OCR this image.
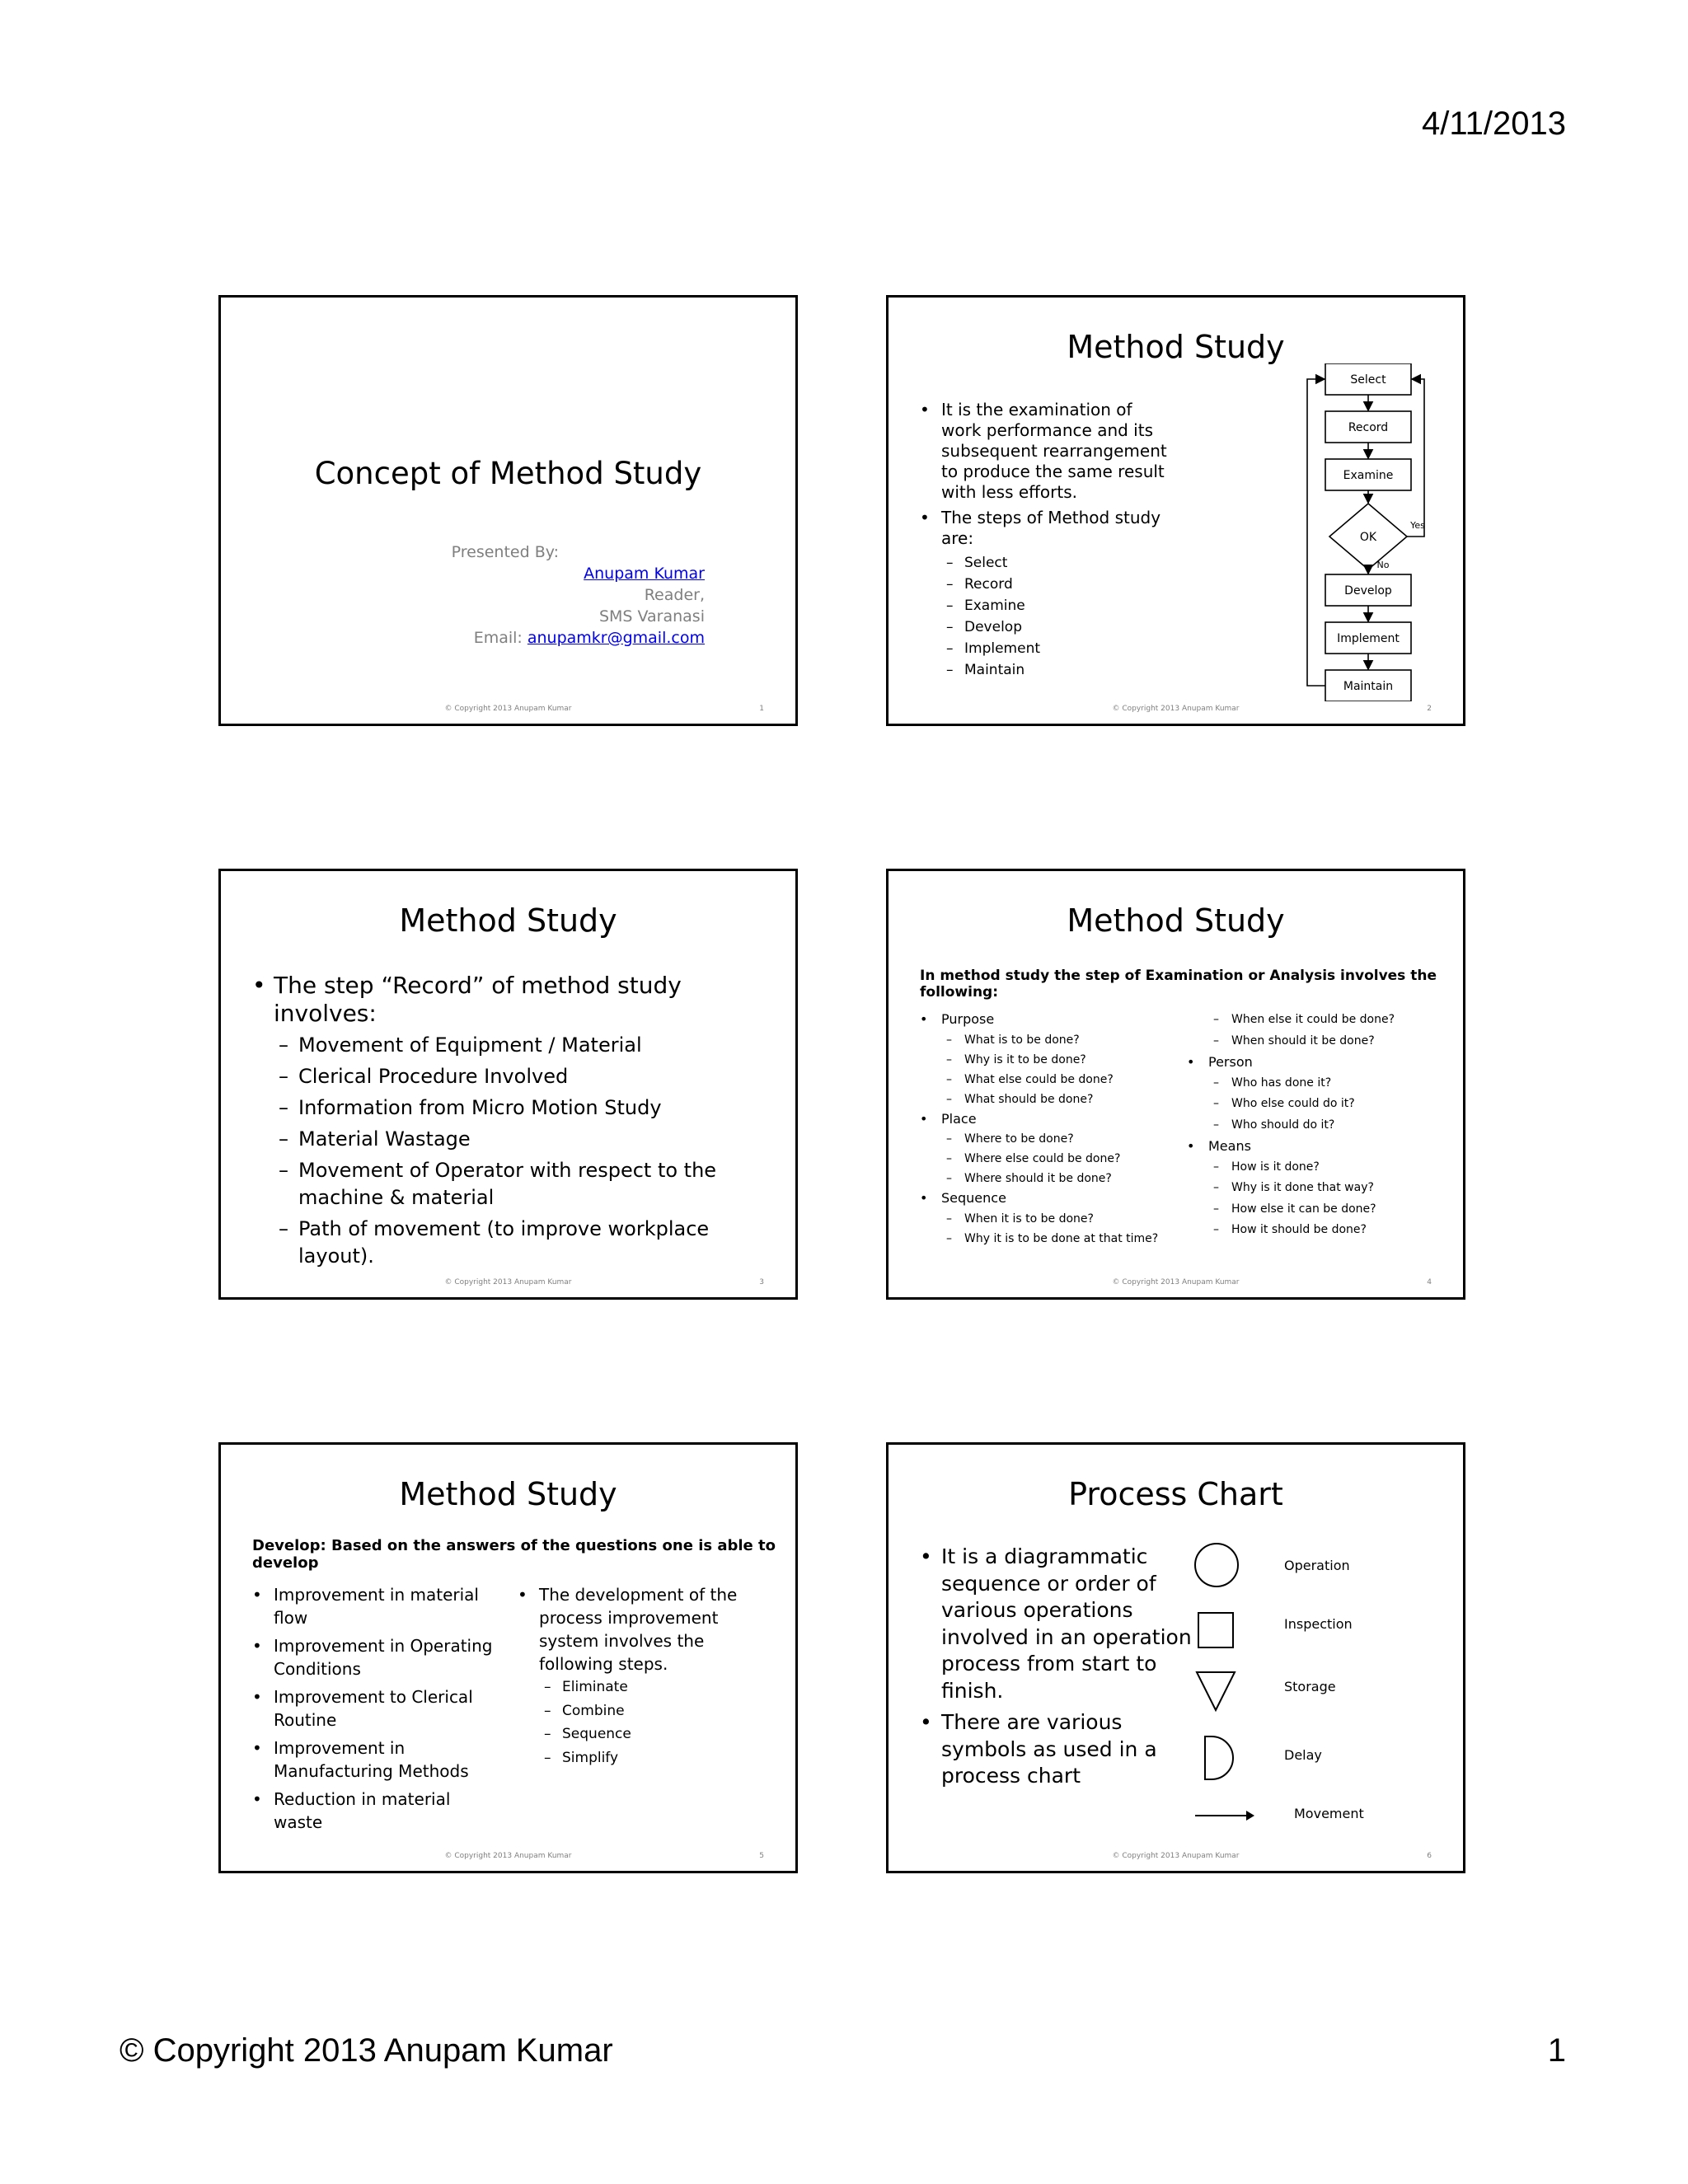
4/11/2013
Concept of Method Study
Presented By:
Anupam Kumar
Reader,
SMS Varanasi
Email: anupamkr@gmail.com
© Copyright 2013 Anupam Kumar	1
Method Study
• It is the examination of work performance and its subsequent rearrangement to produce the same result with less efforts.
• The steps of Method study are:
– Select
– Record
– Examine
– Develop
– Implement
– Maintain
Select
Record
Examine
OK
Develop
Implement
Maintain
Yes
No
© Copyright 2013 Anupam Kumar	2
Method Study
• The step “Record” of method study involves:
– Movement of Equipment / Material
– Clerical Procedure Involved
– Information from Micro Motion Study
– Material Wastage
– Movement of Operator with respect to the machine & material
– Path of movement (to improve workplace layout).
© Copyright 2013 Anupam Kumar	3
Method Study
In method study the step of Examination or Analysis involves the following:
• Purpose
– What is to be done?
– Why is it to be done?
– What else could be done?
– What should be done?
• Place
– Where to be done?
– Where else could be done?
– Where should it be done?
• Sequence
– When it is to be done?
– Why it is to be done at that time?
– When else it could be done?
– When should it be done?
• Person
– Who has done it?
– Who else could do it?
– Who should do it?
• Means
– How is it done?
– Why is it done that way?
– How else it can be done?
– How it should be done?
© Copyright 2013 Anupam Kumar	4
Method Study
Develop: Based on the answers of the questions one is able to develop
• Improvement in material flow
• Improvement in Operating Conditions
• Improvement to Clerical Routine
• Improvement in Manufacturing Methods
• Reduction in material waste
• The development of the process improvement system involves the following steps.
– Eliminate
– Combine
– Sequence
– Simplify
© Copyright 2013 Anupam Kumar	5
Process Chart
• It is a diagrammatic sequence or order of various operations involved in an operation process from start to finish.
• There are various symbols as used in a process chart
Operation
Inspection
Storage
Delay
Movement
© Copyright 2013 Anupam Kumar	6
© Copyright 2013 Anupam Kumar	1
